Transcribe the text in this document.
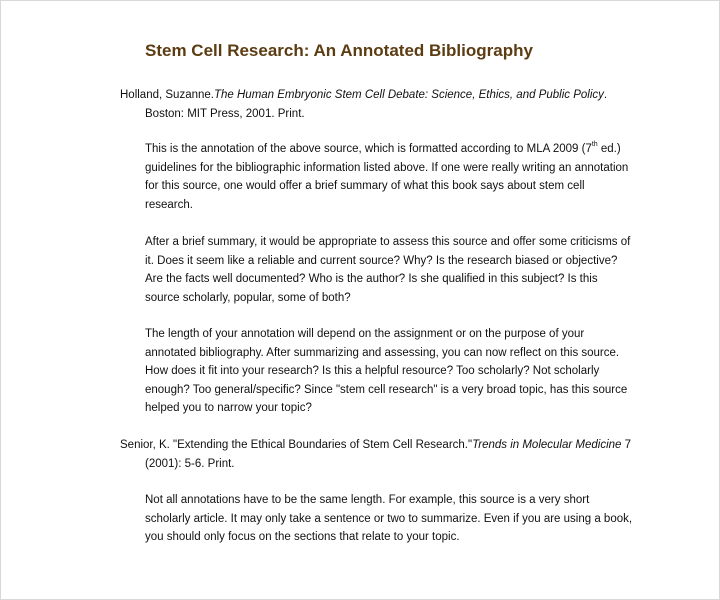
Stem Cell Research: An Annotated Bibliography
Holland, Suzanne.The Human Embryonic Stem Cell Debate: Science, Ethics, and Public Policy.
Boston: MIT Press, 2001. Print.
This is the annotation of the above source, which is formatted according to MLA 2009 (7th ed.)
guidelines for the bibliographic information listed above. If one were really writing an annotation
for this source, one would offer a brief summary of what this book says about stem cell
research.
After a brief summary, it would be appropriate to assess this source and offer some criticisms of
it. Does it seem like a reliable and current source? Why? Is the research biased or objective?
Are the facts well documented? Who is the author? Is she qualified in this subject? Is this
source scholarly, popular, some of both?
The length of your annotation will depend on the assignment or on the purpose of your
annotated bibliography. After summarizing and assessing, you can now reflect on this source.
How does it fit into your research? Is this a helpful resource? Too scholarly? Not scholarly
enough? Too general/specific? Since "stem cell research" is a very broad topic, has this source
helped you to narrow your topic?
Senior, K. "Extending the Ethical Boundaries of Stem Cell Research."Trends in Molecular Medicine 7
(2001): 5-6. Print.
Not all annotations have to be the same length. For example, this source is a very short
scholarly article. It may only take a sentence or two to summarize. Even if you are using a book,
you should only focus on the sections that relate to your topic.
